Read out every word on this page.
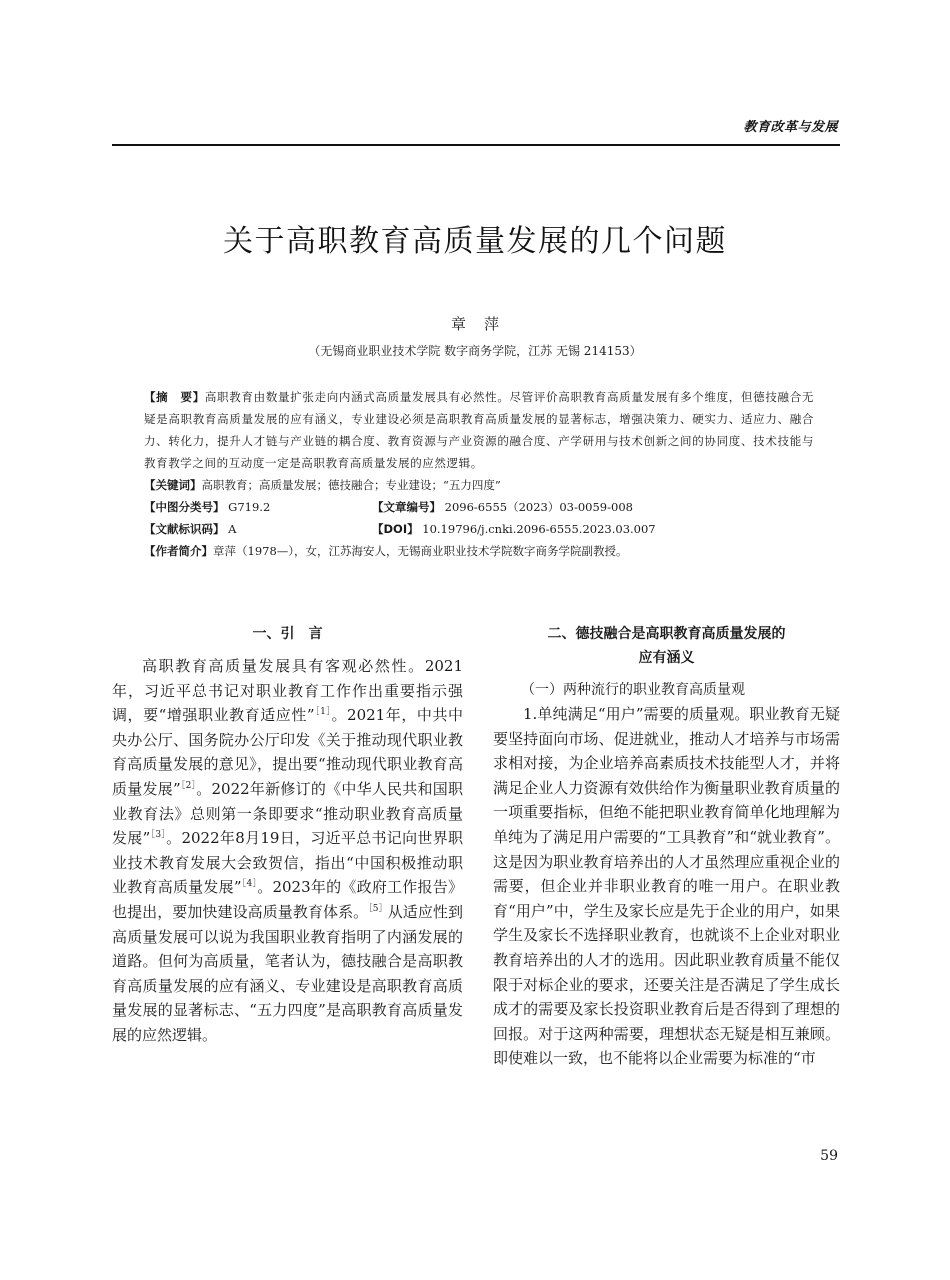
教育改革与发展
关于高职教育高质量发展的几个问题
章萍
（无锡商业职业技术学院 数字商务学院，江苏 无锡 214153）
【摘　要】高职教育由数量扩张走向内涵式高质量发展具有必然性。尽管评价高职教育高质量发展有多个维度，但德技融合无疑是高职教育高质量发展的应有涵义，专业建设必须是高职教育高质量发展的显著标志，增强决策力、硬实力、适应力、融合力、转化力，提升人才链与产业链的耦合度、教育资源与产业资源的融合度、产学研用与技术创新之间的协同度、技术技能与教育教学之间的互动度一定是高职教育高质量发展的应然逻辑。
【关键词】高职教育；高质量发展；德技融合；专业建设；“五力四度”
【中图分类号】 G719.2	【文章编号】 2096-6555（2023）03-0059-008
【文献标识码】 A	【DOI】 10.19796/j.cnki.2096-6555.2023.03.007
【作者简介】章萍（1978—），女，江苏海安人，无锡商业职业技术学院数字商务学院副教授。
一、引　言

高职教育高质量发展具有客观必然性。2021年，习近平总书记对职业教育工作作出重要指示强调，要“增强职业教育适应性”$^{[1]}$。2021年，中共中央办公厅、国务院办公厅印发《关于推动现代职业教育高质量发展的意见》，提出要“推动现代职业教育高质量发展”$^{[2]}$。2022年新修订的《中华人民共和国职业教育法》总则第一条即要求“推动职业教育高质量发展”$^{[3]}$。2022年8月19日，习近平总书记向世界职业技术教育发展大会致贺信，指出“中国积极推动职业教育高质量发展”$^{[4]}$。2023年的《政府工作报告》也提出，要加快建设高质量教育体系。$^{[5]}$从适应性到高质量发展可以说为我国职业教育指明了内涵发展的道路。但何为高质量，笔者认为，德技融合是高职教育高质量发展的应有涵义、专业建设是高职教育高质量发展的显著标志、“五力四度”是高职教育高质量发展的应然逻辑。

二、德技融合是高职教育高质量发展的
应有涵义
（一）两种流行的职业教育高质量观

1.单纯满足“用户”需要的质量观。职业教育无疑要坚持面向市场、促进就业，推动人才培养与市场需求相对接，为企业培养高素质技术技能型人才，并将满足企业人力资源有效供给作为衡量职业教育质量的一项重要指标，但绝不能把职业教育简单化地理解为单纯为了满足用户需要的“工具教育”和“就业教育”。这是因为职业教育培养出的人才虽然理应重视企业的需要，但企业并非职业教育的唯一用户。在职业教育“用户”中，学生及家长应是先于企业的用户，如果学生及家长不选择职业教育，也就谈不上企业对职业教育培养出的人才的选用。因此职业教育质量不能仅限于对标企业的要求，还要关注是否满足了学生成长成才的需要及家长投资职业教育后是否得到了理想的回报。对于这两种需要，理想状态无疑是相互兼顾。即使难以一致，也不能将以企业需要为标准的“市

59
